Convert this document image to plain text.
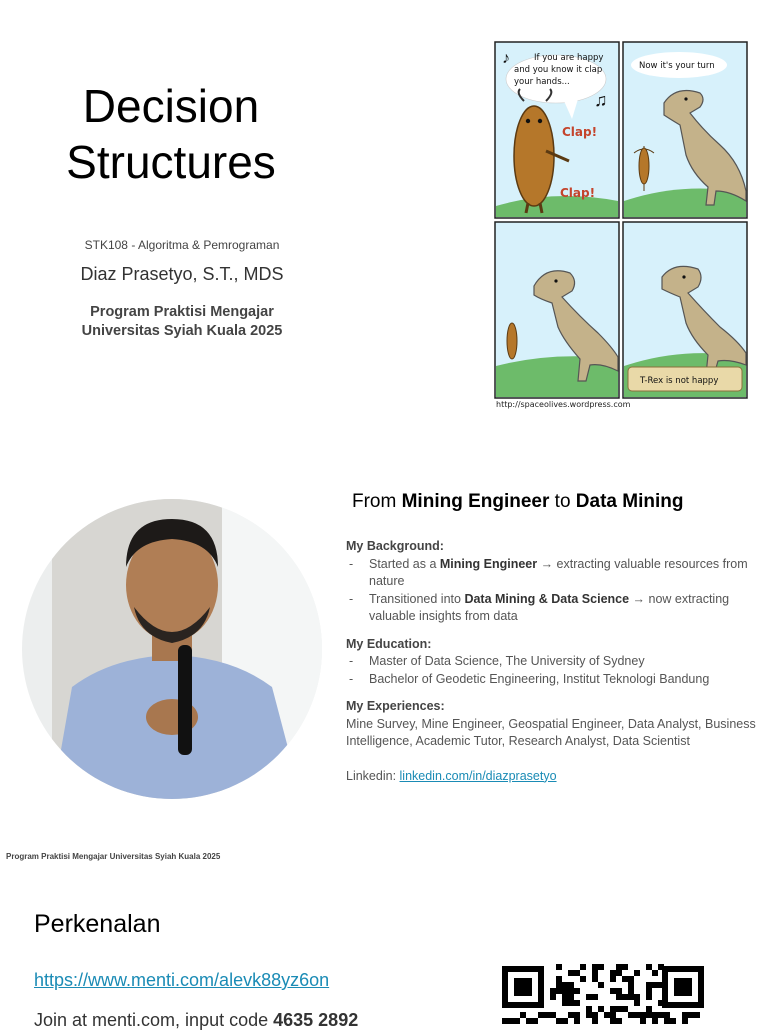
Decision
Structures
STK108 - Algoritma & Pemrograman
Diaz Prasetyo, S.T., MDS
Program Praktisi Mengajar
Universitas Syiah Kuala 2025
If you are happy
and you know it clap
your hands...
♪
♫
Clap!
Clap!
Now it's your turn
T-Rex is not happy
http://spaceolives.wordpress.com
From Mining Engineer to Data Mining
My Background:
- Started as a Mining Engineer → extracting valuable resources from nature
- Transitioned into Data Mining & Data Science → now extracting valuable insights from data
My Education:
- Master of Data Science, The University of Sydney
- Bachelor of Geodetic Engineering, Institut Teknologi Bandung
My Experiences:
Mine Survey, Mine Engineer, Geospatial Engineer, Data Analyst, Business Intelligence, Academic Tutor, Research Analyst, Data Scientist
Linkedin: linkedin.com/in/diazprasetyo
Program Praktisi Mengajar Universitas Syiah Kuala 2025
Perkenalan
https://www.menti.com/alevk88yz6on
Join at menti.com, input code 4635 2892
